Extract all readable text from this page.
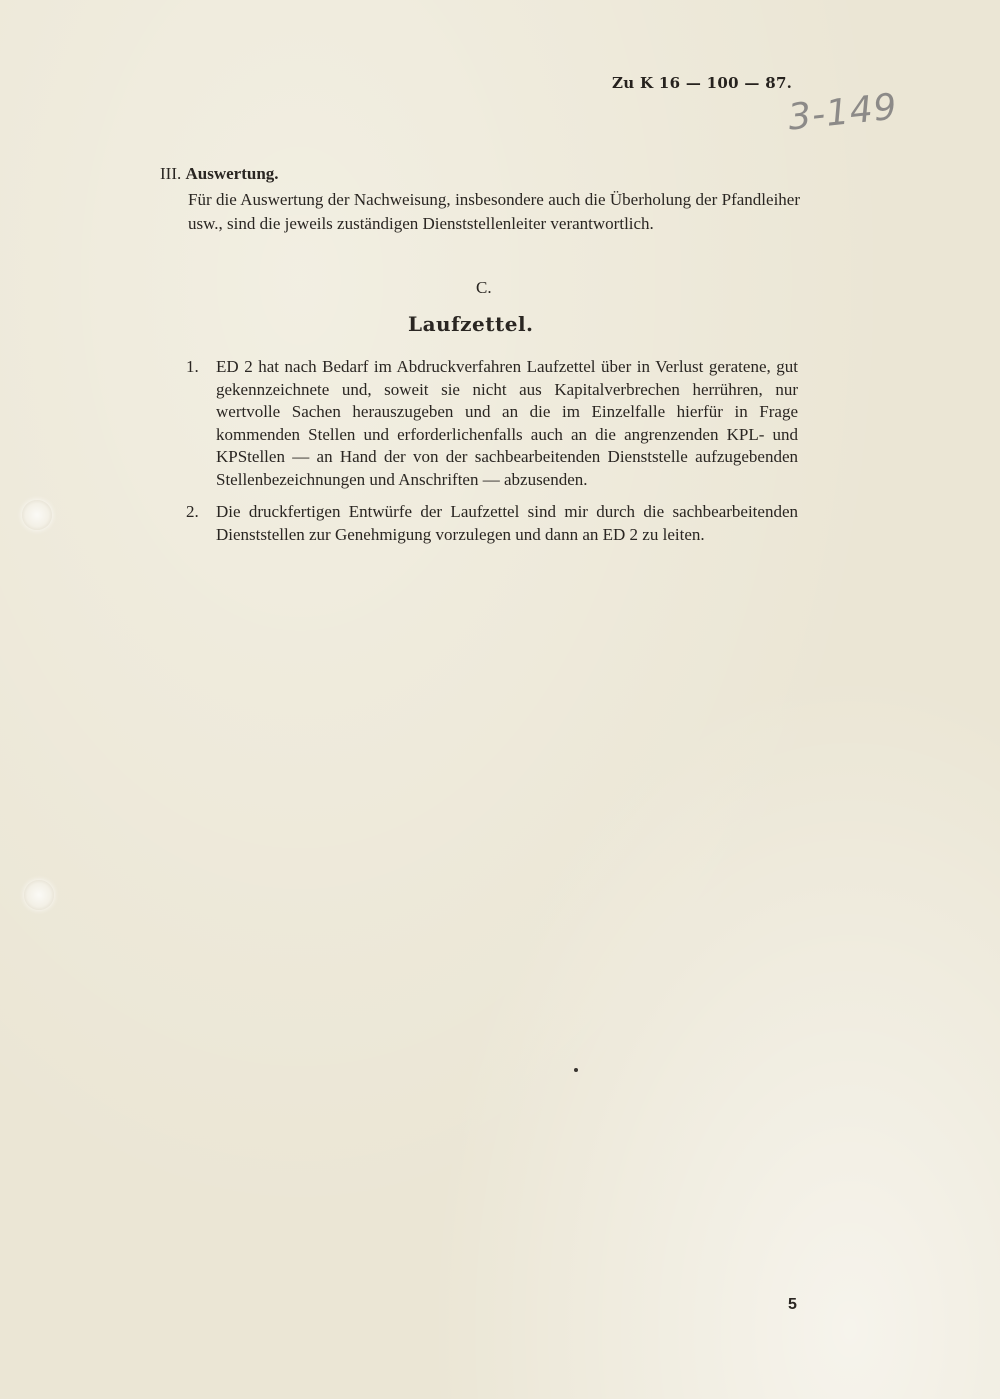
Zu K 16 — 100 — 87.
3-149

III. Auswertung.

Für die Auswertung der Nachweisung, insbesondere auch die Überholung der Pfandleiher usw., sind die jeweils zuständigen Dienststellenleiter verantwortlich.

C.
Laufzettel.
1. ED 2 hat nach Bedarf im Abdruckverfahren Laufzettel über in Verlust geratene, gut gekennzeichnete und, soweit sie nicht aus Kapitalverbrechen herrühren, nur wertvolle Sachen herauszugeben und an die im Einzelfalle hierfür in Frage kommenden Stellen und erforderlichenfalls auch an die angrenzenden KPL- und KPStellen — an Hand der von der sachbearbeitenden Dienststelle aufzugebenden Stellenbezeichnungen und Anschriften — abzusenden.
2. Die druckfertigen Entwürfe der Laufzettel sind mir durch die sachbearbeitenden Dienststellen zur Genehmigung vorzulegen und dann an ED 2 zu leiten.
5
